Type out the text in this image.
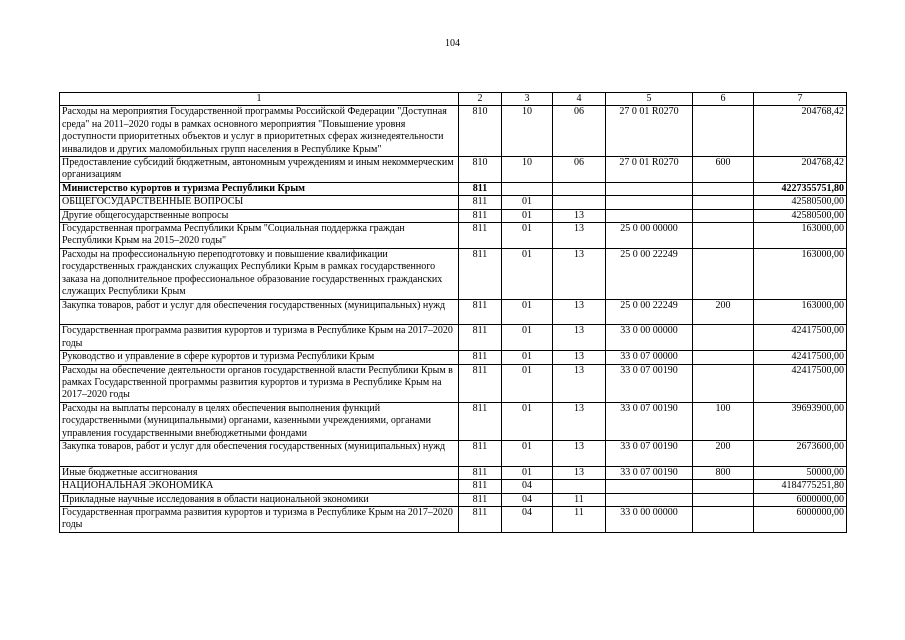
104
1	2	3	4	5	6	7
Расходы на мероприятия Государственной программы Российской Федерации "Доступная среда" на 2011–2020 годы в рамках основного мероприятия "Повышение уровня доступности приоритетных объектов и услуг в приоритетных сферах жизнедеятельности инвалидов и других маломобильных групп населения в Республике Крым"	810	10	06	27 0 01 R0270		204768,42
Предоставление субсидий бюджетным, автономным учреждениям и иным некоммерческим организациям	810	10	06	27 0 01 R0270	600	204768,42
Министерство курортов и туризма Республики Крым	811					4227355751,80
ОБЩЕГОСУДАРСТВЕННЫЕ ВОПРОСЫ	811	01				42580500,00
Другие общегосударственные вопросы	811	01	13			42580500,00
Государственная программа Республики Крым "Социальная поддержка граждан Республики Крым на 2015–2020 годы"	811	01	13	25 0 00 00000		163000,00
Расходы на профессиональную переподготовку и повышение квалификации государственных гражданских служащих Республики Крым в рамках государственного заказа на дополнительное профессиональное образование государственных гражданских служащих Республики Крым	811	01	13	25 0 00 22249		163000,00
Закупка товаров, работ и услуг для обеспечения государственных (муниципальных) нужд	811	01	13	25 0 00 22249	200	163000,00
Государственная программа развития курортов и туризма в Республике Крым на 2017–2020 годы	811	01	13	33 0 00 00000		42417500,00
Руководство и управление в сфере курортов и туризма Республики Крым	811	01	13	33 0 07 00000		42417500,00
Расходы на обеспечение деятельности органов государственной власти Республики Крым в рамках Государственной программы развития курортов и туризма в Республике Крым на 2017–2020 годы	811	01	13	33 0 07 00190		42417500,00
Расходы на выплаты персоналу в целях обеспечения выполнения функций государственными (муниципальными) органами, казенными учреждениями, органами управления государственными внебюджетными фондами	811	01	13	33 0 07 00190	100	39693900,00
Закупка товаров, работ и услуг для обеспечения государственных (муниципальных) нужд	811	01	13	33 0 07 00190	200	2673600,00
Иные бюджетные ассигнования	811	01	13	33 0 07 00190	800	50000,00
НАЦИОНАЛЬНАЯ ЭКОНОМИКА	811	04				4184775251,80
Прикладные научные исследования в области национальной экономики	811	04	11			6000000,00
Государственная программа развития курортов и туризма в Республике Крым на 2017–2020 годы	811	04	11	33 0 00 00000		6000000,00
